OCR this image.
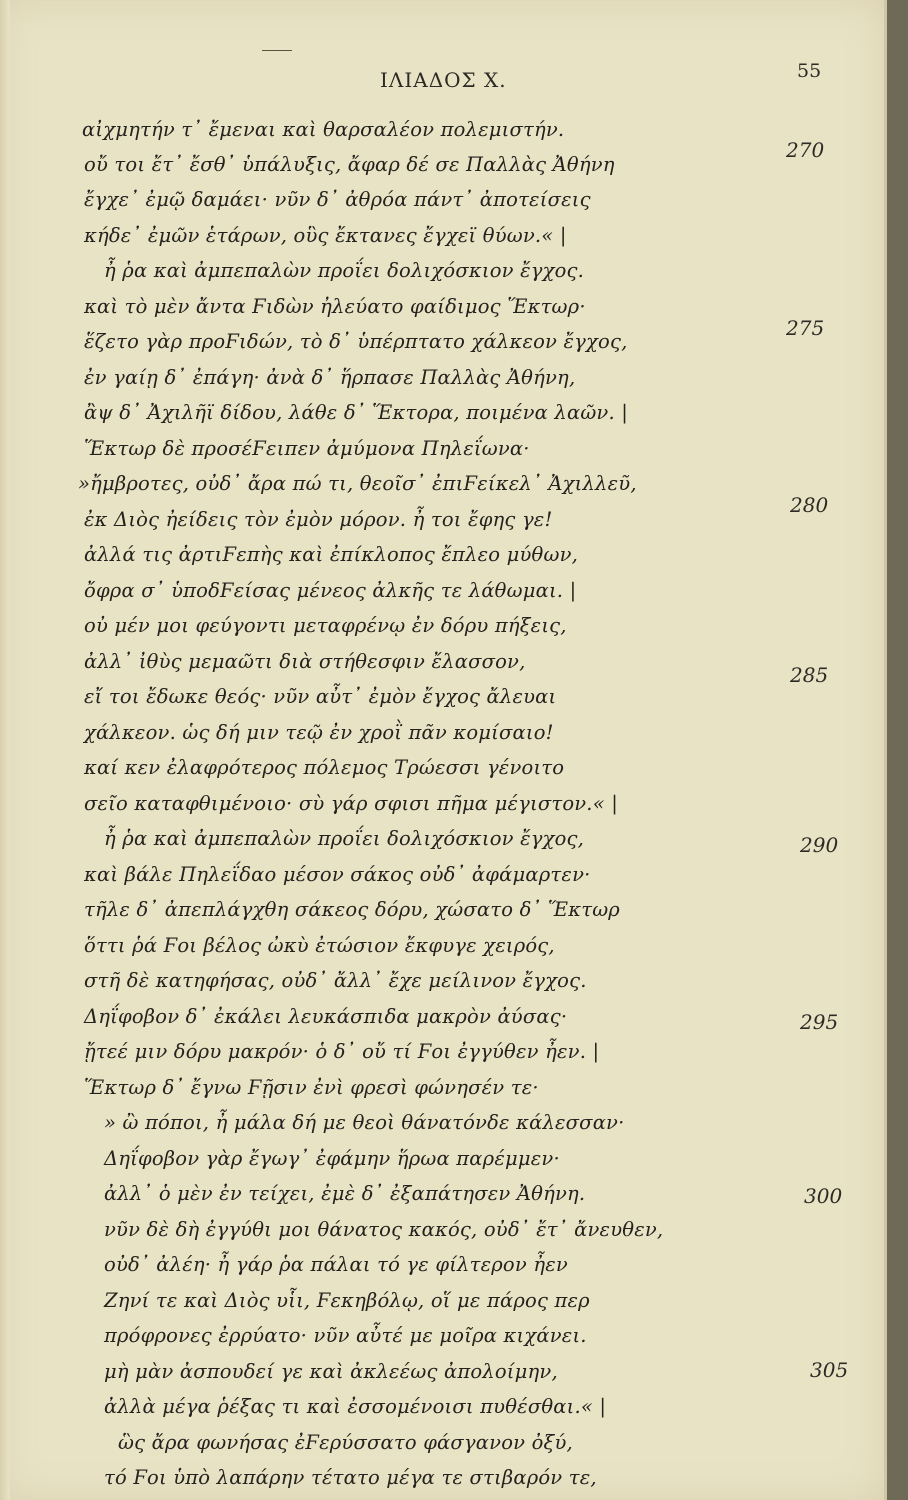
ΙΛΙΑΔΟΣ Χ.	55
αἰχμητήν τ᾽ ἔμεναι καὶ θαρσαλέον πολεμιστήν.
οὔ τοι ἔτ᾽ ἔσθ᾽ ὑπάλυξις, ἄφαρ δέ σε Παλλὰς Ἀθήνη
ἔγχε᾽ ἐμῷ δαμάει· νῦν δ᾽ ἀθρόα πάντ᾽ ἀποτείσεις
κήδε᾽ ἐμῶν ἑτάρων, οὓς ἔκτανες ἔγχεϊ θύων.« |
ἦ ῥα καὶ ἀμπεπαλὼν προΐει δολιχόσκιον ἔγχος.
καὶ τὸ μὲν ἄντα Ϝιδὼν ἠλεύατο φαίδιμος Ἕκτωρ·
ἕζετο γὰρ προϜιδών, τὸ δ᾽ ὑπέρπτατο χάλκεον ἔγχος,
ἐν γαίῃ δ᾽ ἐπάγη· ἀνὰ δ᾽ ἥρπασε Παλλὰς Ἀθήνη,
ἂψ δ᾽ Ἀχιλῆϊ δίδου, λάθε δ᾽ Ἕκτορα, ποιμένα λαῶν. |
Ἕκτωρ δὲ προσέϜειπεν ἀμύμονα Πηλεΐωνα·
»ἤμβροτες, οὐδ᾽ ἄρα πώ τι, θεοῖσ᾽ ἐπιϜείκελ᾽ Ἀχιλλεῦ,
ἐκ Διὸς ἠείδεις τὸν ἐμὸν μόρον. ἦ τοι ἔφης γε!
ἀλλά τις ἀρτιϜεπὴς καὶ ἐπίκλοπος ἔπλεο μύθων,
ὄφρα σ᾽ ὑποδϜείσας μένεος ἀλκῆς τε λάθωμαι. |
οὐ μέν μοι φεύγοντι μεταφρένῳ ἐν δόρυ πήξεις,
ἀλλ᾽ ἰθὺς μεμαῶτι διὰ στήθεσφιν ἔλασσον,
εἴ τοι ἔδωκε θεός· νῦν αὖτ᾽ ἐμὸν ἔγχος ἄλευαι
χάλκεον. ὡς δή μιν τεῷ ἐν χροῒ πᾶν κομίσαιο!
καί κεν ἐλαφρότερος πόλεμος Τρώεσσι γένοιτο
σεῖο καταφθιμένοιο· σὺ γάρ σφισι πῆμα μέγιστον.« |
ἦ ῥα καὶ ἀμπεπαλὼν προΐει δολιχόσκιον ἔγχος,
καὶ βάλε Πηλεΐδαο μέσον σάκος οὐδ᾽ ἀφάμαρτεν·
τῆλε δ᾽ ἀπεπλάγχθη σάκεος δόρυ, χώσατο δ᾽ Ἕκτωρ
ὅττι ῥά Ϝοι βέλος ὠκὺ ἐτώσιον ἔκφυγε χειρός,
στῆ δὲ κατηφήσας, οὐδ᾽ ἄλλ᾽ ἔχε μείλινον ἔγχος.
Δηΐφοβον δ᾽ ἐκάλει λευκάσπιδα μακρὸν ἀύσας·
ᾔτεέ μιν δόρυ μακρόν· ὁ δ᾽ οὔ τί Ϝοι ἐγγύθεν ἦεν. |
Ἕκτωρ δ᾽ ἔγνω Ϝῇσιν ἐνὶ φρεσὶ φώνησέν τε·
» ὢ πόποι, ἦ μάλα δή με θεοὶ θάνατόνδε κάλεσσαν·
Δηΐφοβον γὰρ ἔγωγ᾽ ἐφάμην ἥρωα παρέμμεν·
ἀλλ᾽ ὁ μὲν ἐν τείχει, ἐμὲ δ᾽ ἐξαπάτησεν Ἀθήνη.
νῦν δὲ δὴ ἐγγύθι μοι θάνατος κακός, οὐδ᾽ ἔτ᾽ ἄνευθεν,
οὐδ᾽ ἀλέη· ἦ γάρ ῥα πάλαι τό γε φίλτερον ἦεν
Ζηνί τε καὶ Διὸς υἷι, Ϝεκηβόλῳ, οἵ με πάρος περ
πρόφρονες ἐρρύατο· νῦν αὖτέ με μοῖρα κιχάνει.
μὴ μὰν ἀσπουδεί γε καὶ ἀκλεέως ἀπολοίμην,
ἀλλὰ μέγα ῥέξας τι καὶ ἐσσομένοισι πυθέσθαι.« |
ὣς ἄρα φωνήσας ἐϜερύσσατο φάσγανον ὀξύ,
τό Ϝοι ὑπὸ λαπάρην τέτατο μέγα τε στιβαρόν τε,
270
275
280
285
290
295
300
305
